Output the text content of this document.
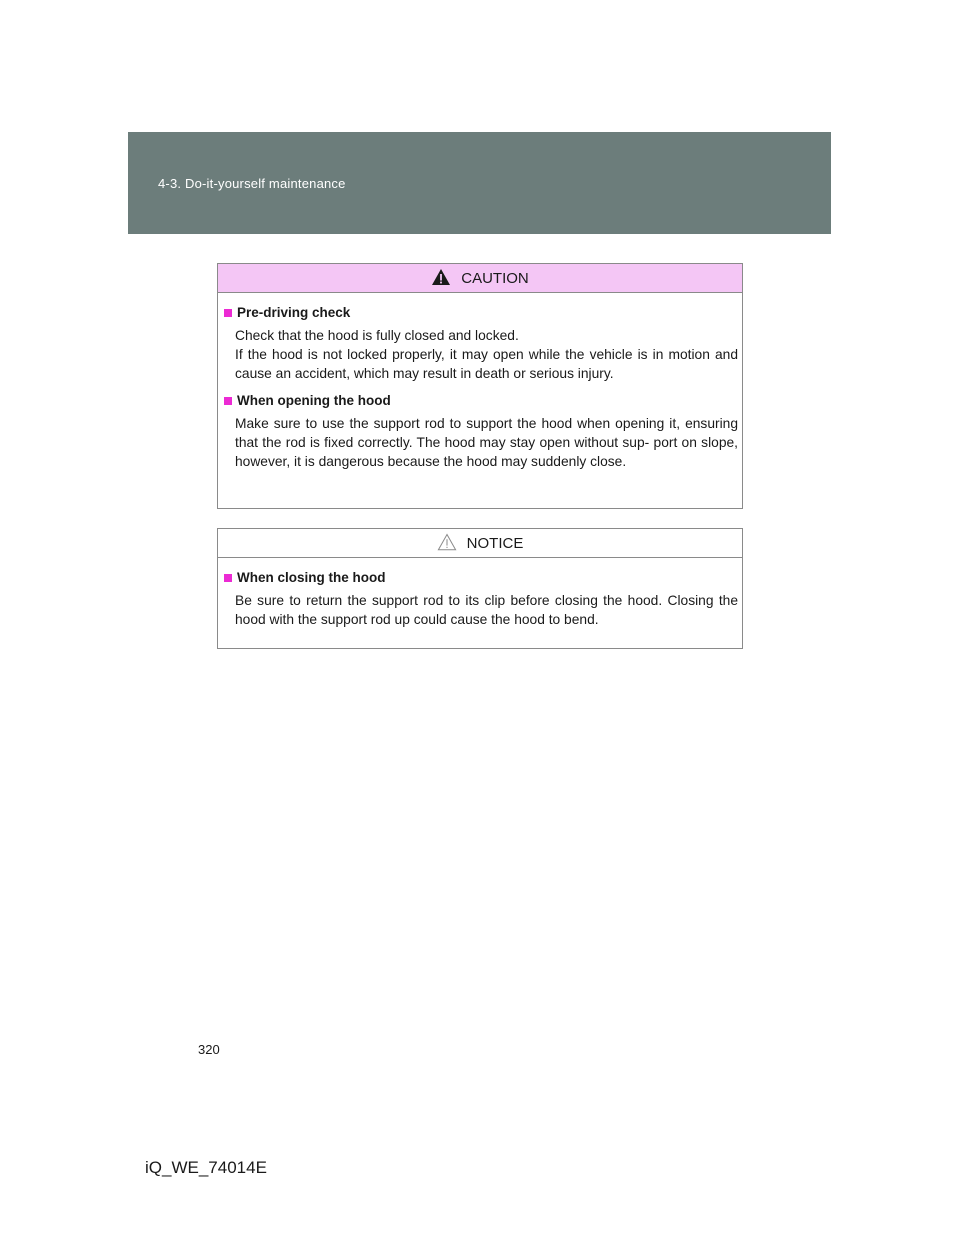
4-3. Do-it-yourself maintenance
CAUTION
Pre-driving check
Check that the hood is fully closed and locked.
If the hood is not locked properly, it may open while the vehicle is in motion and cause an accident, which may result in death or serious injury.
When opening the hood
Make sure to use the support rod to support the hood when opening it, ensuring that the rod is fixed correctly. The hood may stay open without sup- port on slope, however, it is dangerous because the hood may suddenly close.
NOTICE
When closing the hood
Be sure to return the support rod to its clip before closing the hood. Closing the hood with the support rod up could cause the hood to bend.
320
iQ_WE_74014E
